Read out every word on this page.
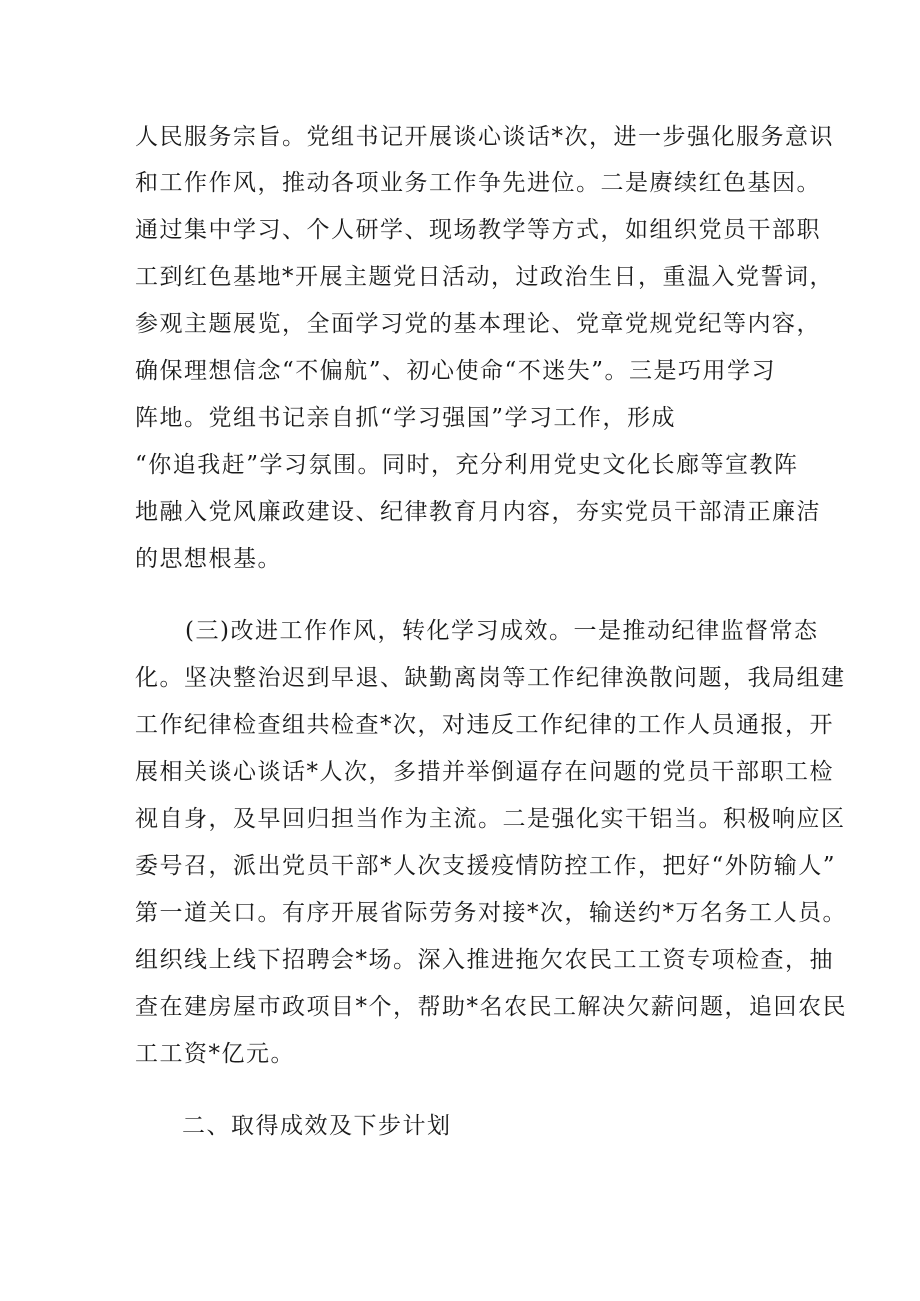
人民服务宗旨。党组书记开展谈心谈话*次，进一步强化服务意识

和工作作风，推动各项业务工作争先进位。二是赓续红色基因。

通过集中学习、个人研学、现场教学等方式，如组织党员干部职

工到红色基地*开展主题党日活动，过政治生日，重温入党誓词，

参观主题展览，全面学习党的基本理论、党章党规党纪等内容，

确保理想信念“不偏航”、初心使命“不迷失”。三是巧用学习

阵地。党组书记亲自抓“学习强国”学习工作，形成

“你追我赶”学习氛围。同时，充分利用党史文化长廊等宣教阵

地融入党风廉政建设、纪律教育月内容，夯实党员干部清正廉洁

的思想根基。

(三)改进工作作风，转化学习成效。一是推动纪律监督常态

化。坚决整治迟到早退、缺勤离岗等工作纪律涣散问题，我局组建

工作纪律检查组共检查*次，对违反工作纪律的工作人员通报，开

展相关谈心谈话*人次，多措并举倒逼存在问题的党员干部职工检

视自身，及早回归担当作为主流。二是强化实干铝当。积极响应区

委号召，派出党员干部*人次支援疫情防控工作，把好“外防输人”

第一道关口。有序开展省际劳务对接*次，输送约*万名务工人员。

组织线上线下招聘会*场。深入推进拖欠农民工工资专项检查，抽

查在建房屋市政项目*个，帮助*名农民工解决欠薪问题，追回农民

工工资*亿元。

二、取得成效及下步计划
